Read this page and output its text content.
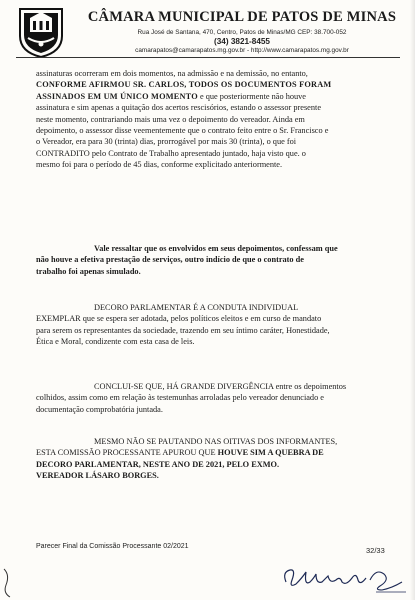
CÂMARA MUNICIPAL DE PATOS DE MINAS
Rua José de Santana, 470, Centro, Patos de Minas/MG CEP: 38.700-052
(34) 3821-8455
camarapatos@camarapatos.mg.gov.br - http://www.camarapatos.mg.gov.br

assinaturas ocorreram em dois momentos, na admissão e na demissão, no entanto,

CONFORME AFIRMOU SR. CARLOS, TODOS OS DOCUMENTOS FORAM

ASSINADOS EM UM ÚNICO MOMENTO e que posteriormente não houve

assinatura e sim apenas a quitação dos acertos rescisórios, estando o assessor presente

neste momento, contrariando mais uma vez o depoimento do vereador. Ainda em

depoimento, o assessor disse veementemente que o contrato feito entre o Sr. Francisco e

o Vereador, era para 30 (trinta) dias, prorrogável por mais 30 (trinta), o que foi

CONTRADITO pelo Contrato de Trabalho apresentado juntado, haja visto que. o

mesmo foi para o período de 45 dias, conforme explicitado anteriormente.

Vale ressaltar que os envolvidos em seus depoimentos, confessam que

não houve a efetiva prestação de serviços, outro indício de que o contrato de

trabalho foi apenas simulado.

DECORO PARLAMENTAR É A CONDUTA INDIVIDUAL

EXEMPLAR que se espera ser adotada, pelos políticos eleitos e em curso de mandato

para serem os representantes da sociedade, trazendo em seu íntimo caráter, Honestidade,

Ética e Moral, condizente com esta casa de leis.

CONCLUI-SE QUE, HÁ GRANDE DIVERGÊNCIA entre os depoimentos

colhidos, assim como em relação às testemunhas arroladas pelo vereador denunciado e

documentação comprobatória juntada.

MESMO NÃO SE PAUTANDO NAS OITIVAS DOS INFORMANTES,

ESTA COMISSÃO PROCESSANTE APUROU QUE HOUVE SIM A QUEBRA DE

DECORO PARLAMENTAR, NESTE ANO DE 2021, PELO EXMO.

VEREADOR LÁSARO BORGES.

Parecer Final da Comissão Processante 02/2021	32/33
